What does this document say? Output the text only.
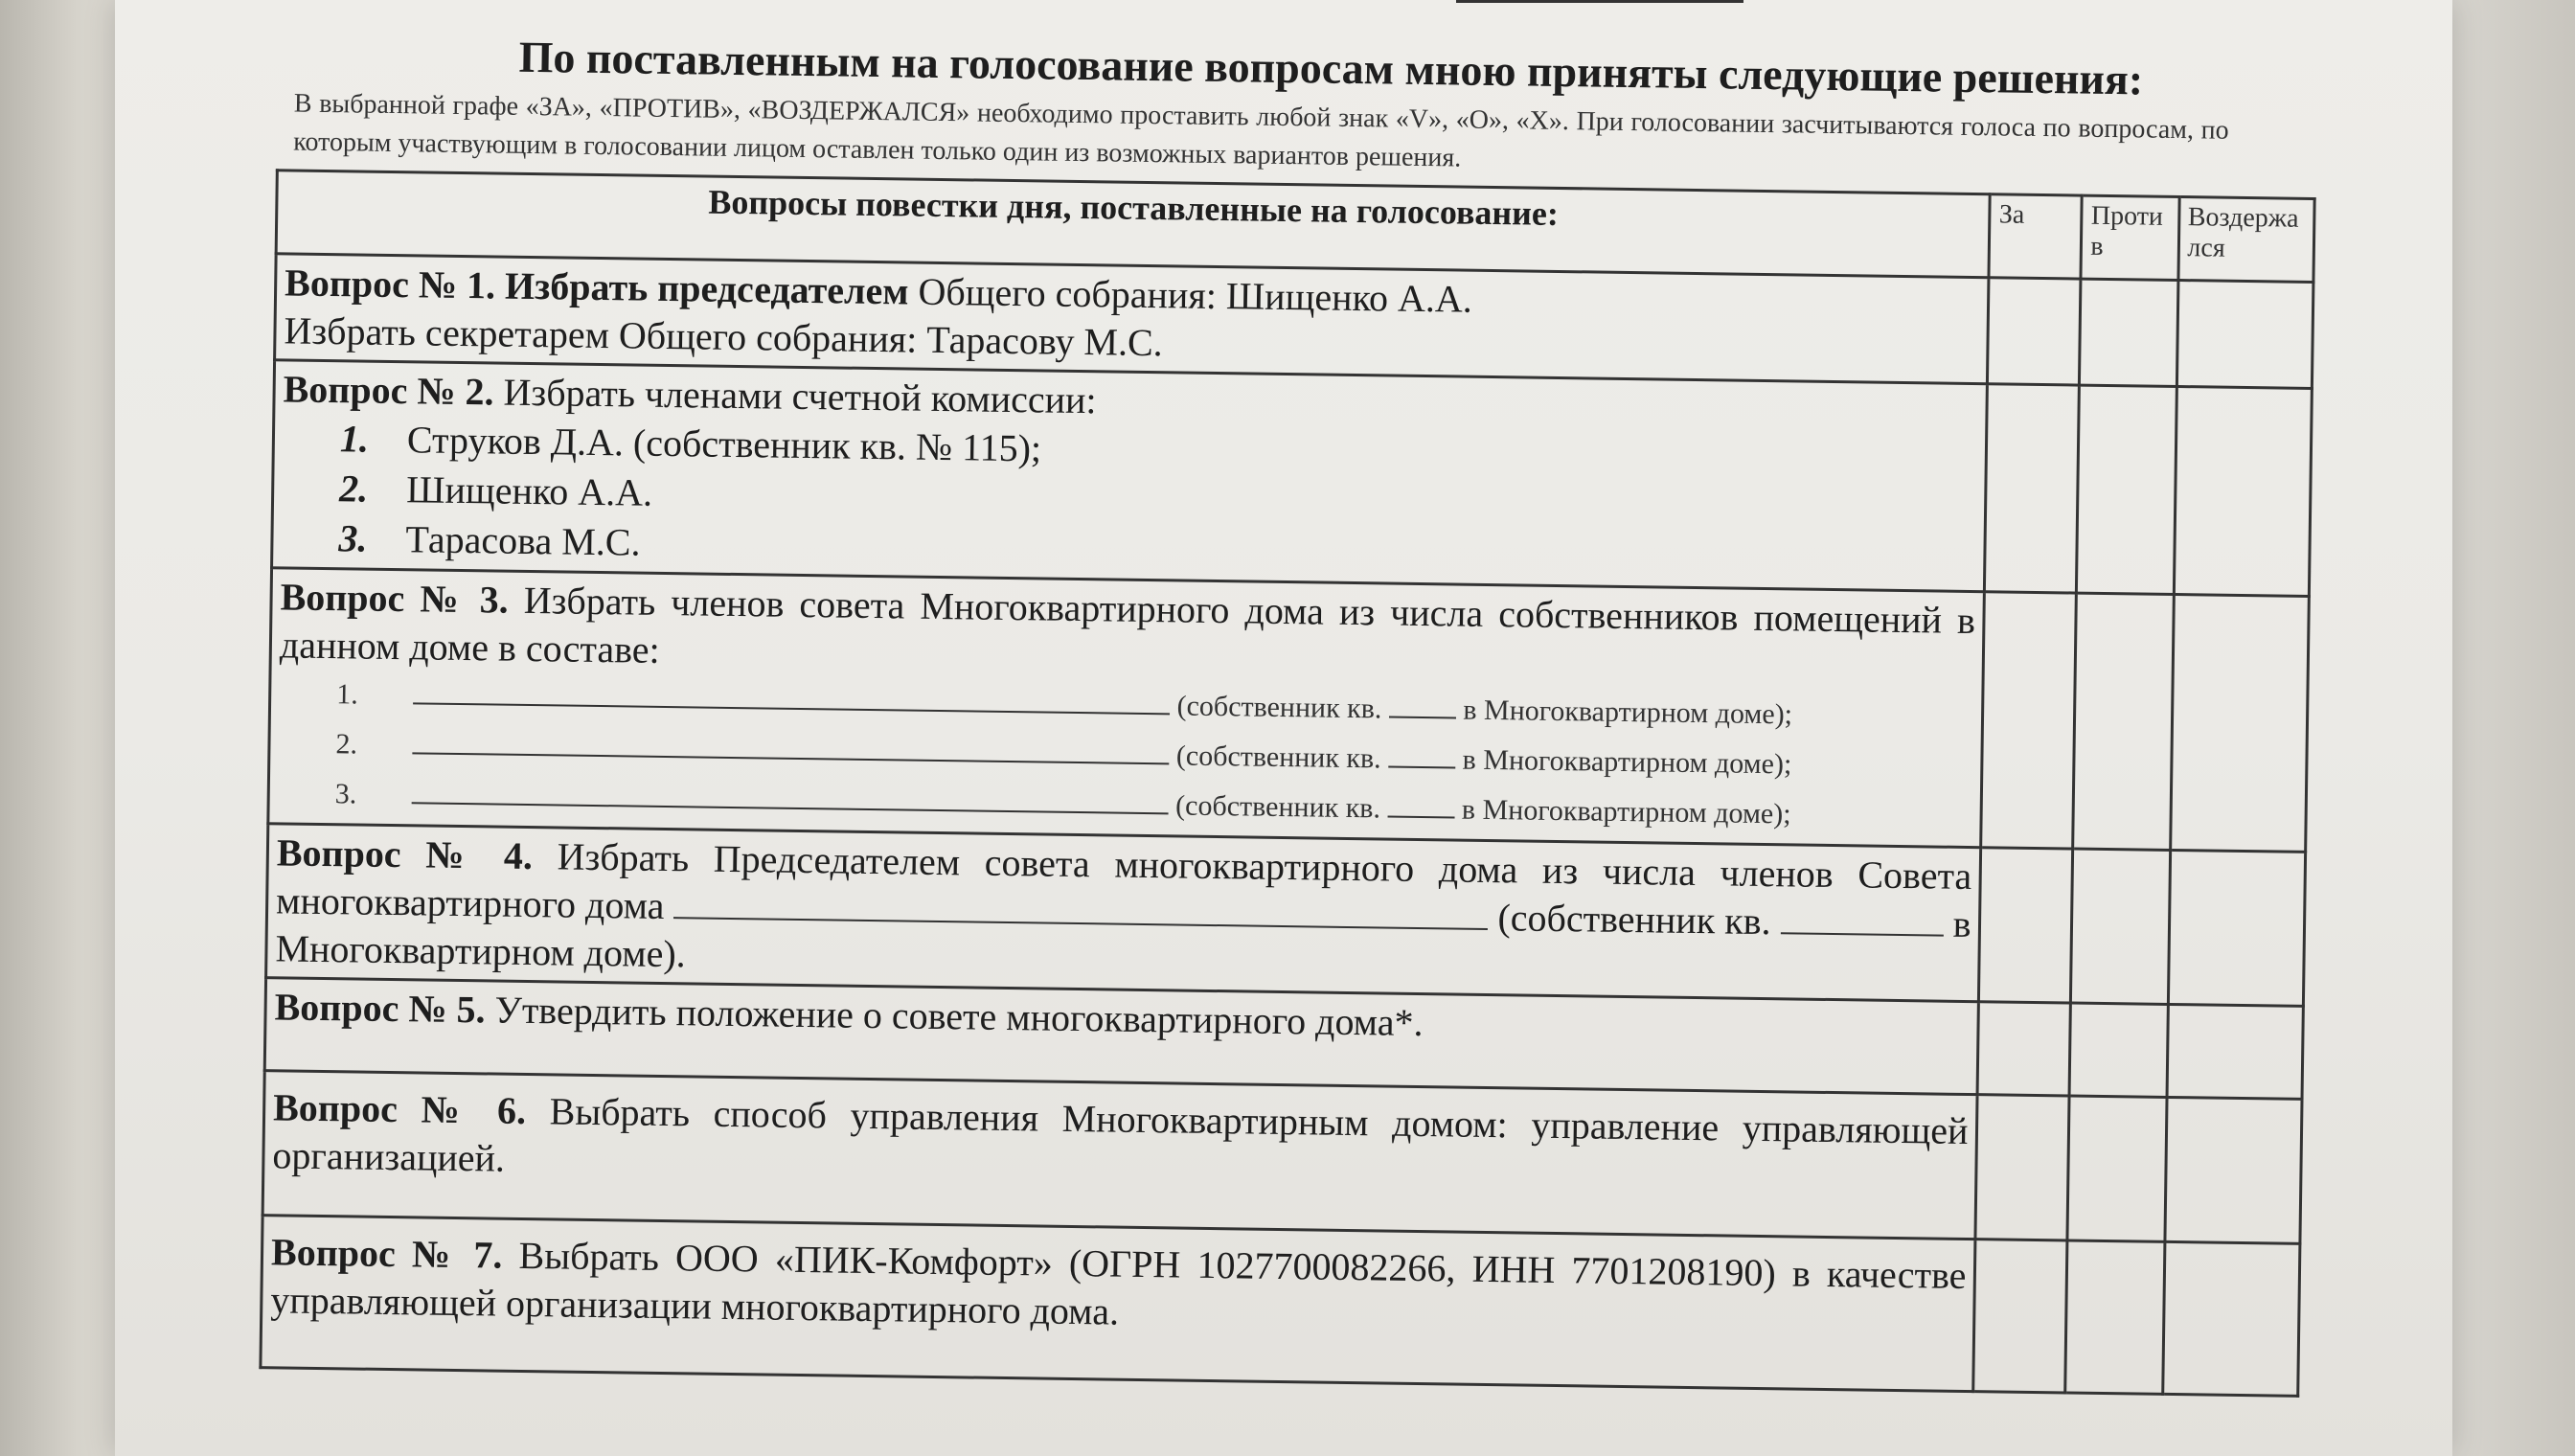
По поставленным на голосование вопросам мною приняты следующие решения:

В выбранной графе «ЗА», «ПРОТИВ», «ВОЗДЕРЖАЛСЯ» необходимо проставить любой знак «V», «О», «Х». При голосовании засчитываются голоса по вопросам, по которым участвующим в голосовании лицом оставлен только один из возможных вариантов решения.

Вопросы повестки дня, поставленные на голосование:	За	Против	Воздержался
Вопрос № 1. Избрать председателем Общего собрания: Шищенко А.А.
Избрать секретарем Общего собрания: Тарасову М.С.			
Вопрос № 2. Избрать членами счетной комиссии:
1. Струков Д.А. (собственник кв. № 115);
2. Шищенко А.А.
3. Тарасова М.С.			

Вопрос № 3. Избрать членов совета Многоквартирного дома из числа собственников помещений в данном доме в составе:
1. (собственник кв. в Многоквартирном доме);
2. (собственник кв. в Многоквартирном доме);
3. (собственник кв. в Многоквартирном доме);			

Вопрос № 4. Избрать Председателем совета многоквартирного дома из числа членов Совета многоквартирного дома (собственник кв. в Многоквартирном доме).			
Вопрос № 5. Утвердить положение о совете многоквартирного дома*.			
Вопрос № 6. Выбрать способ управления Многоквартирным домом: управление управляющей организацией.			
Вопрос № 7. Выбрать ООО «ПИК-Комфорт» (ОГРН 1027700082266, ИНН 7701208190) в качестве управляющей организации многоквартирного дома.			
